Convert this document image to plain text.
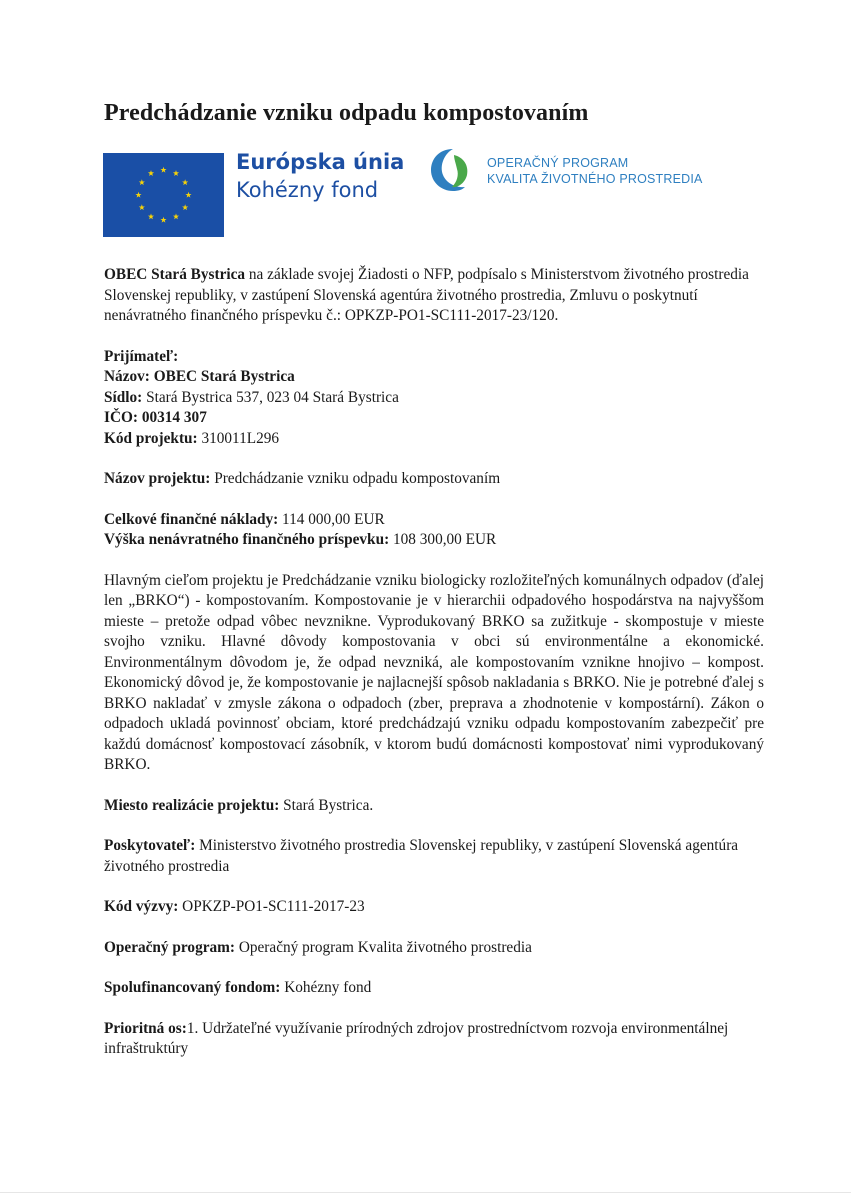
Predchádzanie vzniku odpadu kompostovaním
Európska únia
Kohézny fond
OPERAČNÝ PROGRAM
KVALITA ŽIVOTNÉHO PROSTREDIA

OBEC Stará Bystrica na základe svojej Žiadosti o NFP, podpísalo s Ministerstvom životného prostredia Slovenskej republiky, v zastúpení Slovenská agentúra životného prostredia, Zmluvu o poskytnutí nenávratného finančného príspevku č.: OPKZP-PO1-SC111-2017-23/120.

Prijímateľ:

Názov: OBEC Stará Bystrica

Sídlo: Stará Bystrica 537, 023 04 Stará Bystrica

IČO: 00314 307

Kód projektu: 310011L296

Názov projektu: Predchádzanie vzniku odpadu kompostovaním

Celkové finančné náklady: 114 000,00 EUR

Výška nenávratného finančného príspevku: 108 300,00 EUR

Hlavným cieľom projektu je Predchádzanie vzniku biologicky rozložiteľných komunálnych odpadov (ďalej len „BRKO“) - kompostovaním. Kompostovanie je v hierarchii odpadového hospodárstva na najvyššom mieste – pretože odpad vôbec nevznikne. Vyprodukovaný BRKO sa zužitkuje - skompostuje v mieste svojho vzniku. Hlavné dôvody kompostovania v obci sú environmentálne a ekonomické. Environmentálnym dôvodom je, že odpad nevzniká, ale kompostovaním vznikne hnojivo – kompost. Ekonomický dôvod je, že kompostovanie je najlacnejší spôsob nakladania s BRKO. Nie je potrebné ďalej s BRKO nakladať v zmysle zákona o odpadoch (zber, preprava a zhodnotenie v kompostární). Zákon o odpadoch ukladá povinnosť obciam, ktoré predchádzajú vzniku odpadu kompostovaním zabezpečiť pre každú domácnosť kompostovací zásobník, v ktorom budú domácnosti kompostovať nimi vyprodukovaný BRKO.

Miesto realizácie projektu: Stará Bystrica.

Poskytovateľ: Ministerstvo životného prostredia Slovenskej republiky, v zastúpení Slovenská agentúra životného prostredia

Kód výzvy: OPKZP-PO1-SC111-2017-23

Operačný program: Operačný program Kvalita životného prostredia

Spolufinancovaný fondom: Kohézny fond

Prioritná os:1. Udržateľné využívanie prírodných zdrojov prostredníctvom rozvoja environmentálnej infraštruktúry
